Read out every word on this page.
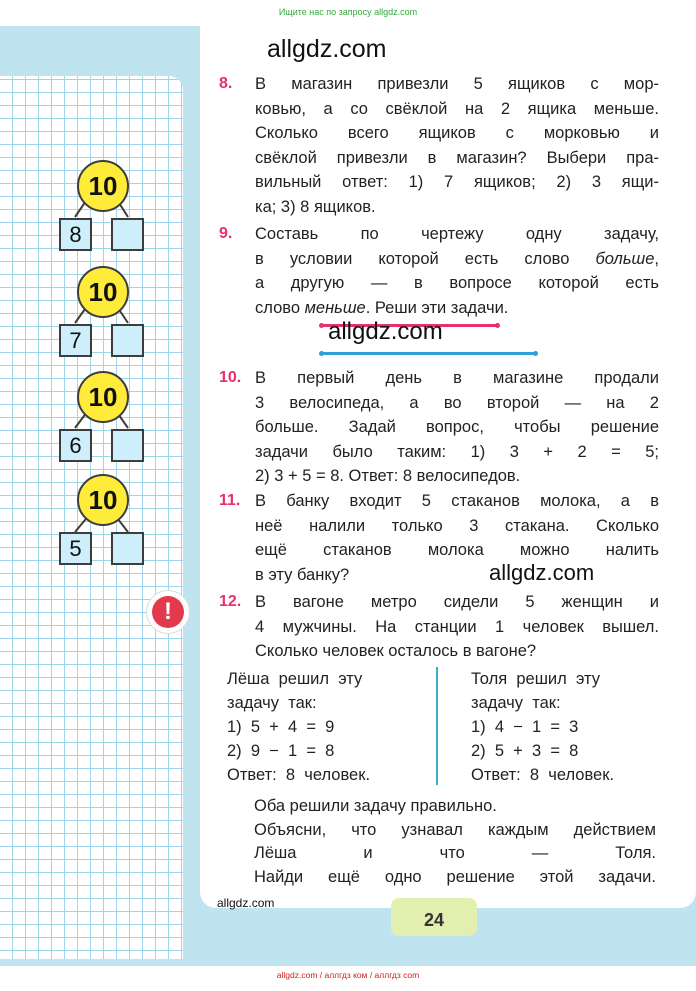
Ищите нас по запросу allgdz.com
10
8
10
7
10
6
10
5
!
allgdz.com
8. В магазин привезли 5 ящиков с мор-
ковью, а со свёклой на 2 ящика меньше.
Сколько всего ящиков с морковью и
свёклой привезли в магазин? Выбери пра-
вильный ответ: 1) 7 ящиков; 2) 3 ящи-
ка; 3) 8 ящиков.

9. Составь по чертежу одну задачу,
в условии которой есть слово больше,
а другую — в вопросе которой есть
слово меньше. Реши эти задачи.

allgdz.com
10. В первый день в магазине продали
3 велосипеда, а во второй — на 2
больше. Задай вопрос, чтобы решение
задачи было таким: 1) 3 + 2 = 5;
2) 3 + 5 = 8. Ответ: 8 велосипедов.

11. В банку входит 5 стаканов молока, а в
неё налили только 3 стакана. Сколько
ещё стаканов молока можно налить
в эту банку?	allgdz.com
12. В вагоне метро сидели 5 женщин и
4 мужчины. На станции 1 человек вышел.
Сколько человек осталось в вагоне?

Лёша  решил  эту
задачу  так:
1)  5  +  4  =  9
2)  9  −  1  =  8
Ответ:  8  человек.
Толя  решил  эту
задачу  так:
1)  4  −  1  =  3
2)  5  +  3  =  8
Ответ:  8  человек.
Оба решили задачу правильно.
Объясни, что узнавал каждым действием
Лёша и что — Толя.
Найди ещё одно решение этой задачи.
allgdz.com
24
allgdz.com / аллгдз ком / аллгдз com
